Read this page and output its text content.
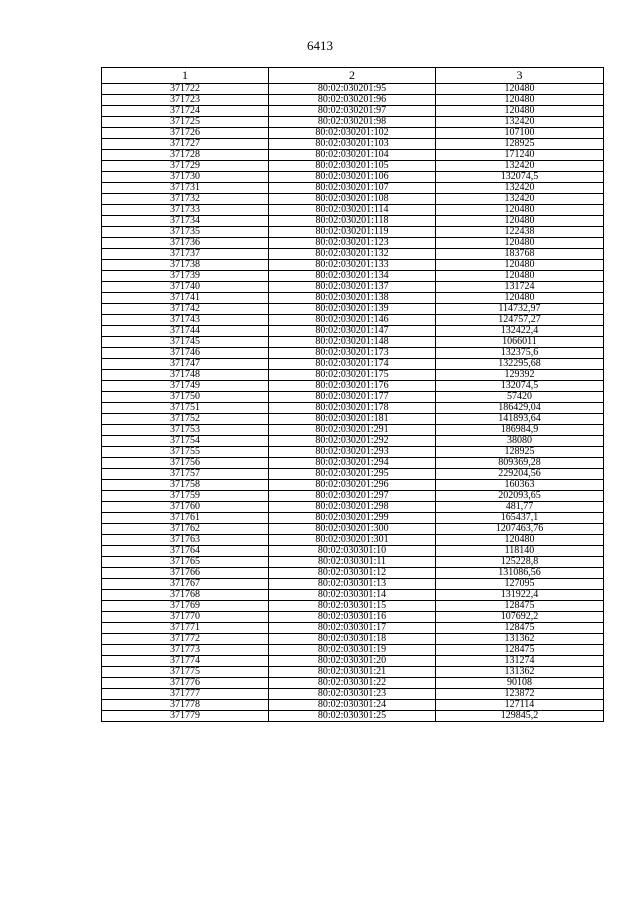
6413
1	2	3
371722	80:02:030201:95	120480
371723	80:02:030201:96	120480
371724	80:02:030201:97	120480
371725	80:02:030201:98	132420
371726	80:02:030201:102	107100
371727	80:02:030201:103	128925
371728	80:02:030201:104	171240
371729	80:02:030201:105	132420
371730	80:02:030201:106	132074,5
371731	80:02:030201:107	132420
371732	80:02:030201:108	132420
371733	80:02:030201:114	120480
371734	80:02:030201:118	120480
371735	80:02:030201:119	122438
371736	80:02:030201:123	120480
371737	80:02:030201:132	183768
371738	80:02:030201:133	120480
371739	80:02:030201:134	120480
371740	80:02:030201:137	131724
371741	80:02:030201:138	120480
371742	80:02:030201:139	114732,97
371743	80:02:030201:146	124757,27
371744	80:02:030201:147	132422,4
371745	80:02:030201:148	1066011
371746	80:02:030201:173	132375,6
371747	80:02:030201:174	132295,68
371748	80:02:030201:175	129392
371749	80:02:030201:176	132074,5
371750	80:02:030201:177	57420
371751	80:02:030201:178	186429,04
371752	80:02:030201:181	141893,64
371753	80:02:030201:291	186984,9
371754	80:02:030201:292	38080
371755	80:02:030201:293	128925
371756	80:02:030201:294	809369,28
371757	80:02:030201:295	229204,56
371758	80:02:030201:296	160363
371759	80:02:030201:297	202093,65
371760	80:02:030201:298	481,77
371761	80:02:030201:299	165437,1
371762	80:02:030201:300	1207463,76
371763	80:02:030201:301	120480
371764	80:02:030301:10	118140
371765	80:02:030301:11	125228,8
371766	80:02:030301:12	131086,56
371767	80:02:030301:13	127095
371768	80:02:030301:14	131922,4
371769	80:02:030301:15	128475
371770	80:02:030301:16	107692,2
371771	80:02:030301:17	128475
371772	80:02:030301:18	131362
371773	80:02:030301:19	128475
371774	80:02:030301:20	131274
371775	80:02:030301:21	131362
371776	80:02:030301:22	90108
371777	80:02:030301:23	123872
371778	80:02:030301:24	127114
371779	80:02:030301:25	129845,2
